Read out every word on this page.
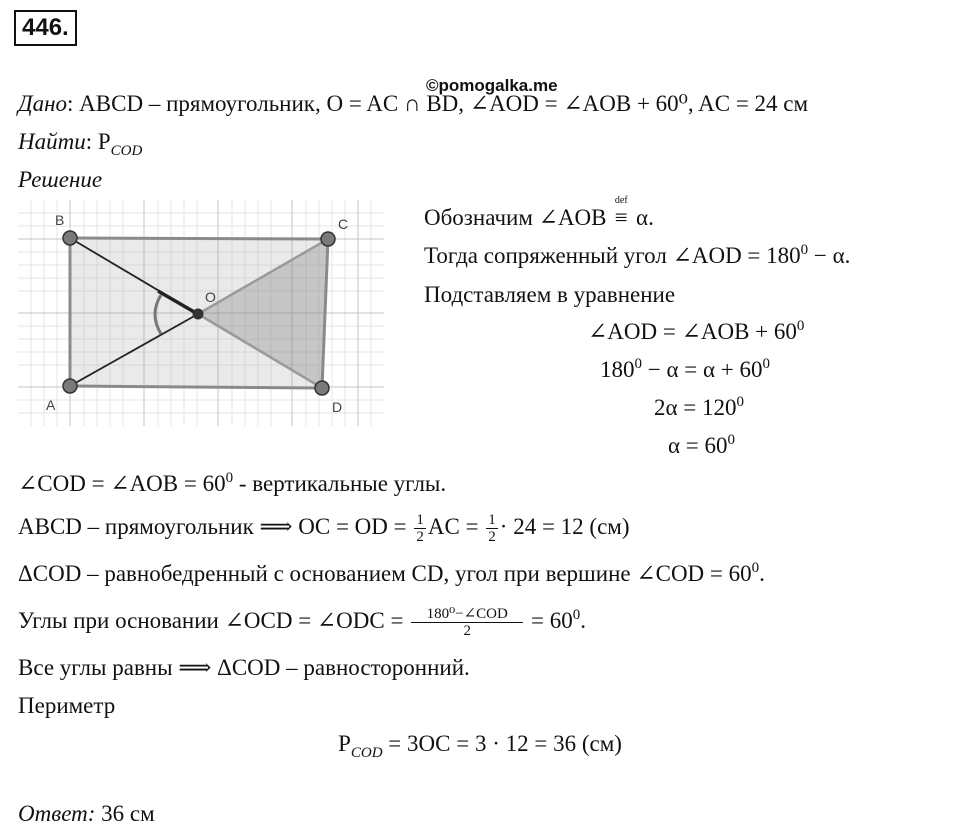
446.
©pomogalka.me
Дано: ABCD – прямоугольник, O = AC ∩ BD, ∠AOD = ∠AOB + 60⁰, AC = 24 см
Найти: $P_{COD}$
Решение
B	C
D
A
O
Обозначим ∠AOB
def
≡ α.
Тогда сопряженный угол ∠AOD = $180^0 - \alpha$.
Подставляем в уравнение
∠AOD = ∠AOB + $60^0$
$180^0 - \alpha = \alpha + 60^0$
$2\alpha = 120^0$
$\alpha = 60^0$
∠COD = ∠AOB = $60^0$ - вертикальные углы.
ABCD – прямоугольник ⟹ OC = OD = $\frac{1}{2}$ AC = $\frac{1}{2} \cdot 24 = 12$ (см)
ΔCOD – равнобедренный с основанием CD, угол при вершине ∠COD = $60^0$.
Углы при основании ∠OCD = ∠ODC = $\frac{\text{180⁰−∠COD}}{2} = 60^0$.
Все углы равны ⟹ ΔCOD – равносторонний.
Периметр
$P_{COD} = 3OC = 3 \cdot 12 = 36$ (см)
Ответ: 36 см
